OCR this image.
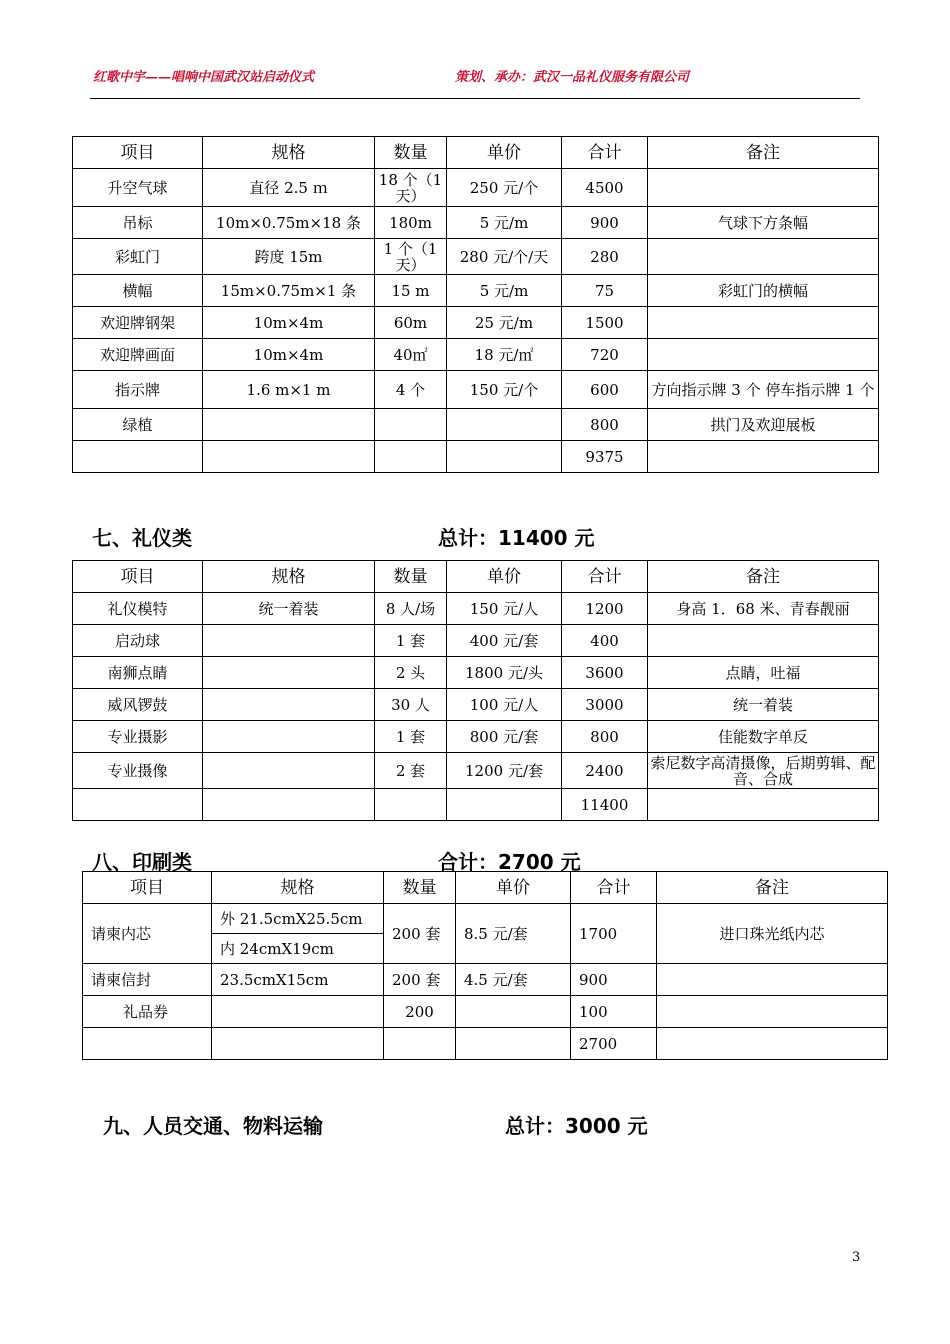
红歌中宇——唱响中国武汉站启动仪式	策划、承办：武汉一品礼仪服务有限公司
项目	规格	数量	单价	合计	备注
升空气球	直径 2.5 ｍ	18 个（1 天）	250 元/个	4500	
吊标	10m×0.75m×18 条	180m	5 元/m	900	气球下方条幅
彩虹门	跨度 15m	1 个（1 天）	280 元/个/天	280	
横幅	15m×0.75m×1 条	15 m	5 元/m	75	彩虹门的横幅
欢迎牌钢架	10m×4m	60m	25 元/m	1500	
欢迎牌画面	10m×4m	40㎡	18 元/㎡	720	
指示牌	1.6 m×1 m	4 个	150 元/个	600	方向指示牌 3 个 停车指示牌 1 个
绿植				800	拱门及欢迎展板
				9375	
七、礼仪类	总计：11400 元
项目	规格	数量	单价	合计	备注
礼仪模特	统一着装	8 人/场	150 元/人	1200	身高 1．68 米、青春靓丽
启动球		1 套	400 元/套	400	
南狮点睛		2 头	1800 元/头	3600	点睛，吐福
威风锣鼓		30 人	100 元/人	3000	统一着装
专业摄影		1 套	800 元/套	800	佳能数字单反
专业摄像		2 套	1200 元/套	2400	索尼数字高清摄像，后期剪辑、配音、合成
				11400	
八、印刷类	合计：2700 元
项目	规格	数量	单价	合计	备注
请柬内芯	外 21.5cmX25.5cm	200 套	8.5 元/套	1700	进口珠光纸内芯
	内 24cmX19cm				
请柬信封	23.5cmX15cm	200 套	4.5 元/套	900	
礼品券		200		100	
				2700	
九、人员交通、物料运输	总计：3000 元
3
